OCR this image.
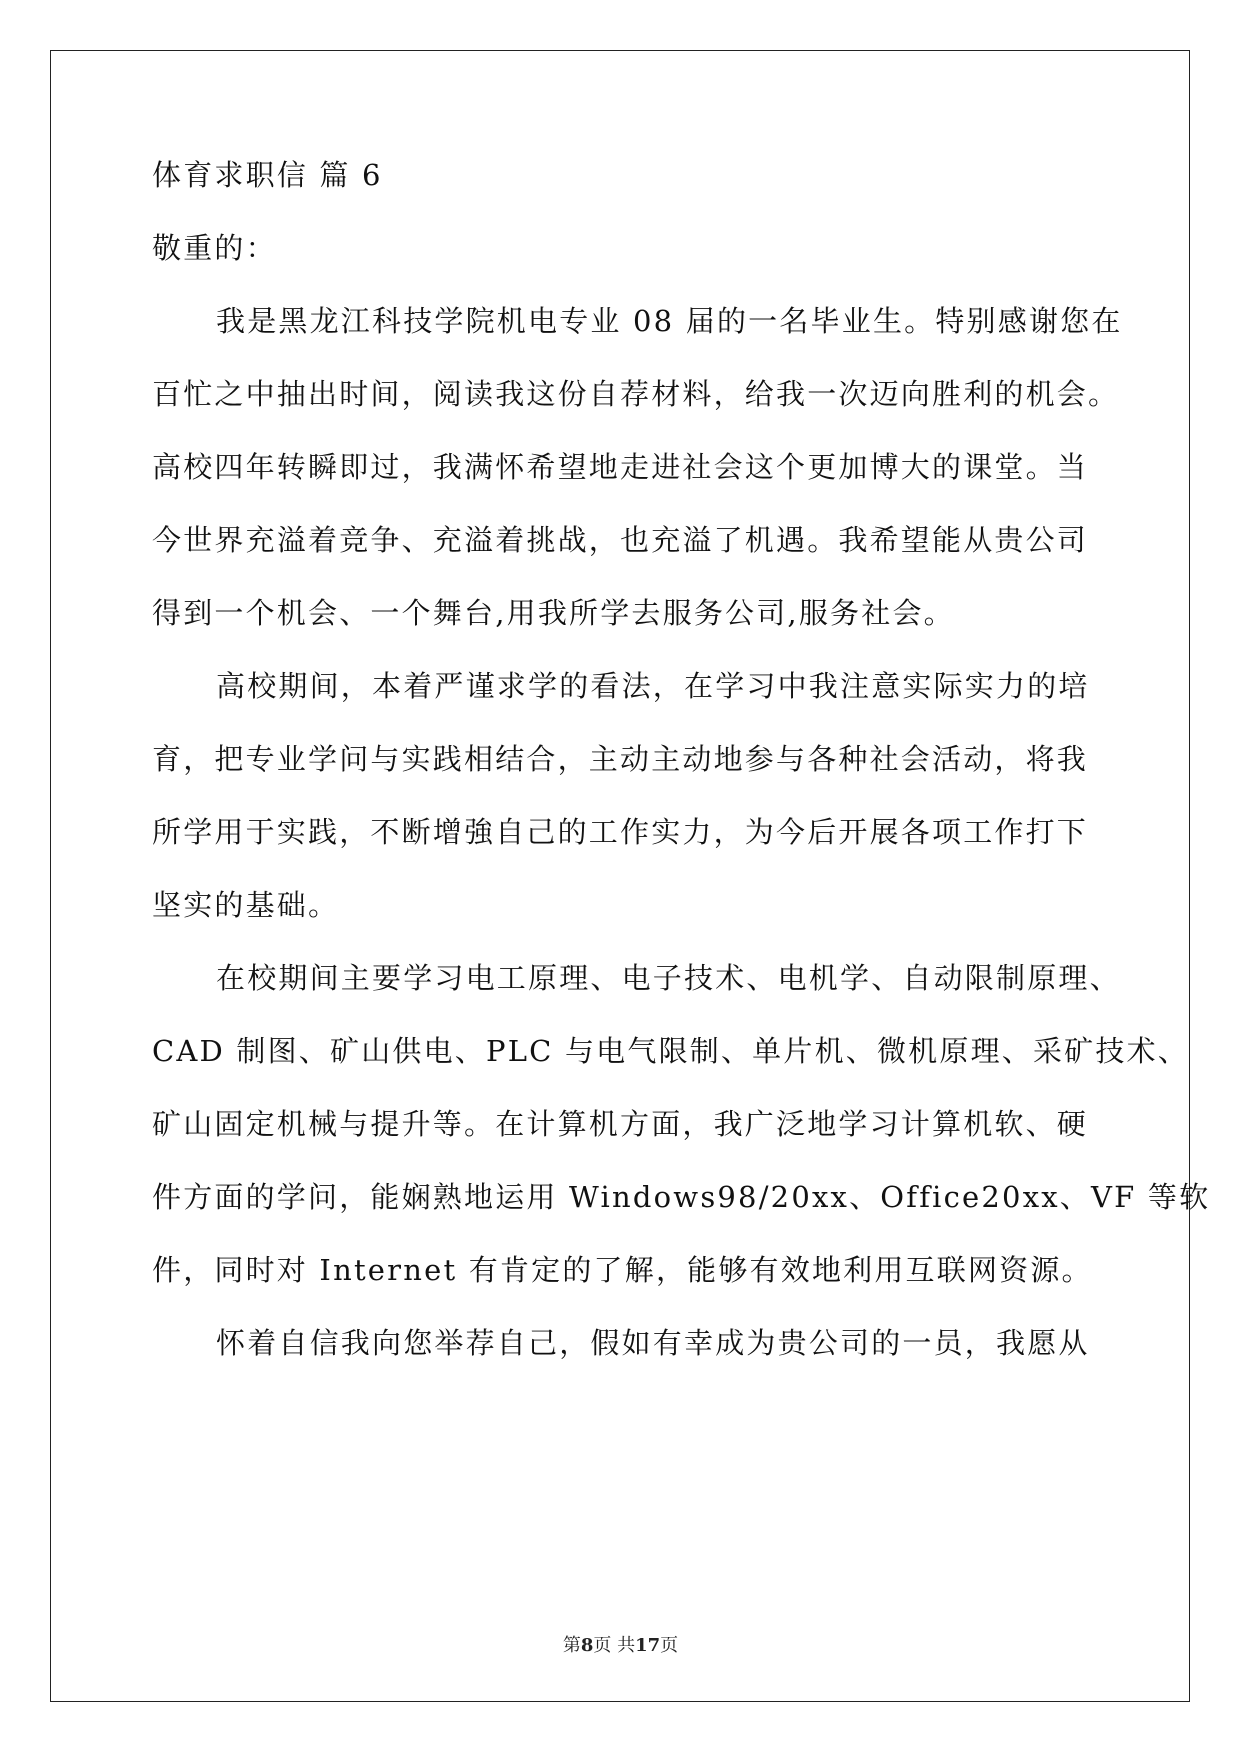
体育求职信 篇 6
敬重的：
我是黑龙江科技学院机电专业 08 届的一名毕业生。特别感谢您在
百忙之中抽出时间，阅读我这份自荐材料，给我一次迈向胜利的机会。
高校四年转瞬即过，我满怀希望地走进社会这个更加博大的课堂。当
今世界充溢着竞争、充溢着挑战，也充溢了机遇。我希望能从贵公司
得到一个机会、一个舞台,用我所学去服务公司,服务社会。
高校期间，本着严谨求学的看法，在学习中我注意实际实力的培
育，把专业学问与实践相结合，主动主动地参与各种社会活动，将我
所学用于实践，不断增強自己的工作实力，为今后开展各项工作打下
坚实的基础。
在校期间主要学习电工原理、电子技术、电机学、自动限制原理、
CAD 制图、矿山供电、PLC 与电气限制、单片机、微机原理、采矿技术、
矿山固定机械与提升等。在计算机方面，我广泛地学习计算机软、硬
件方面的学问，能娴熟地运用 Windows98/20xx、Office20xx、VF 等软
件，同时对 Internet 有肯定的了解，能够有效地利用互联网资源。
怀着自信我向您举荐自己，假如有幸成为贵公司的一员，我愿从
第8页 共17页
